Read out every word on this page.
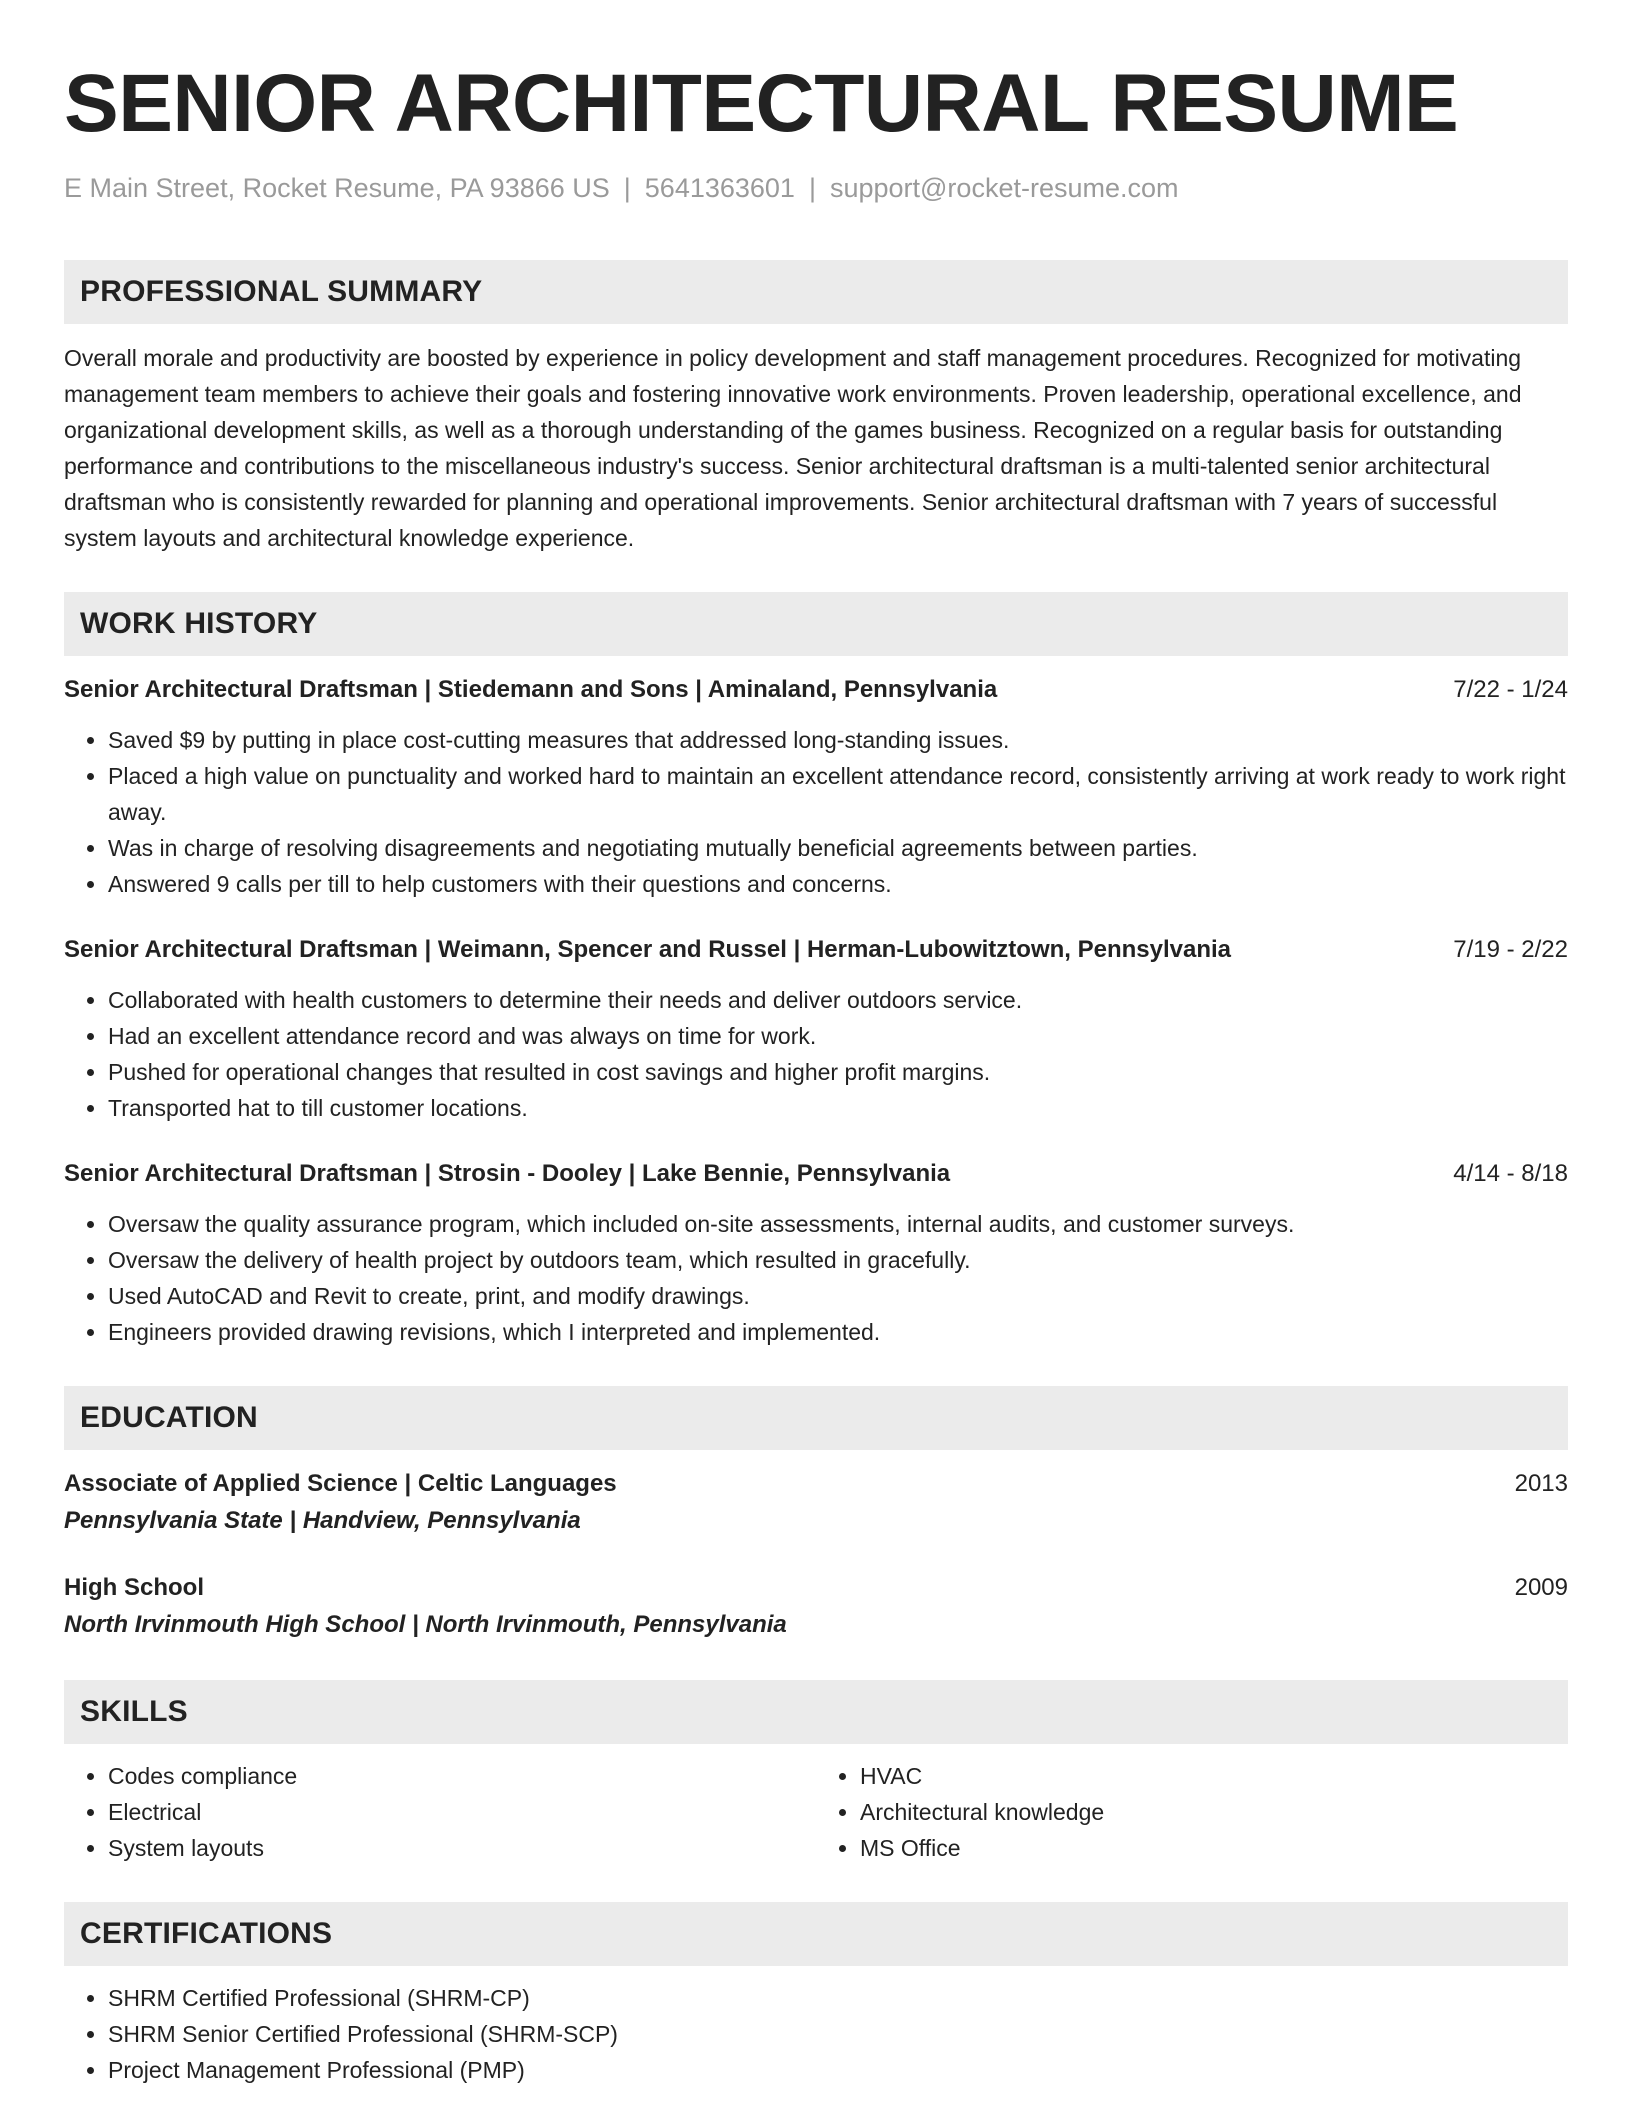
SENIOR ARCHITECTURAL RESUME
E Main Street, Rocket Resume, PA 93866 US | 5641363601 | support@rocket-resume.com
PROFESSIONAL SUMMARY

Overall morale and productivity are boosted by experience in policy development and staff management procedures. Recognized for motivating management team members to achieve their goals and fostering innovative work environments. Proven leadership, operational excellence, and organizational development skills, as well as a thorough understanding of the games business. Recognized on a regular basis for outstanding performance and contributions to the miscellaneous industry's success. Senior architectural draftsman is a multi-talented senior architectural draftsman who is consistently rewarded for planning and operational improvements. Senior architectural draftsman with 7 years of successful system layouts and architectural knowledge experience.

WORK HISTORY
Senior Architectural Draftsman | Stiedemann and Sons | Aminaland, Pennsylvania	7/22 - 1/24
• Saved $9 by putting in place cost-cutting measures that addressed long-standing issues.
• Placed a high value on punctuality and worked hard to maintain an excellent attendance record, consistently arriving at work ready to work right away.
• Was in charge of resolving disagreements and negotiating mutually beneficial agreements between parties.
• Answered 9 calls per till to help customers with their questions and concerns.
Senior Architectural Draftsman | Weimann, Spencer and Russel | Herman-Lubowitztown, Pennsylvania	7/19 - 2/22
• Collaborated with health customers to determine their needs and deliver outdoors service.
• Had an excellent attendance record and was always on time for work.
• Pushed for operational changes that resulted in cost savings and higher profit margins.
• Transported hat to till customer locations.
Senior Architectural Draftsman | Strosin - Dooley | Lake Bennie, Pennsylvania	4/14 - 8/18
• Oversaw the quality assurance program, which included on-site assessments, internal audits, and customer surveys.
• Oversaw the delivery of health project by outdoors team, which resulted in gracefully.
• Used AutoCAD and Revit to create, print, and modify drawings.
• Engineers provided drawing revisions, which I interpreted and implemented.
EDUCATION
Associate of Applied Science | Celtic Languages	2013
Pennsylvania State | Handview, Pennsylvania
High School	2009
North Irvinmouth High School | North Irvinmouth, Pennsylvania
SKILLS
• Codes compliance
• Electrical
• System layouts
• HVAC
• Architectural knowledge
• MS Office
CERTIFICATIONS
• SHRM Certified Professional (SHRM-CP)
• SHRM Senior Certified Professional (SHRM-SCP)
• Project Management Professional (PMP)
